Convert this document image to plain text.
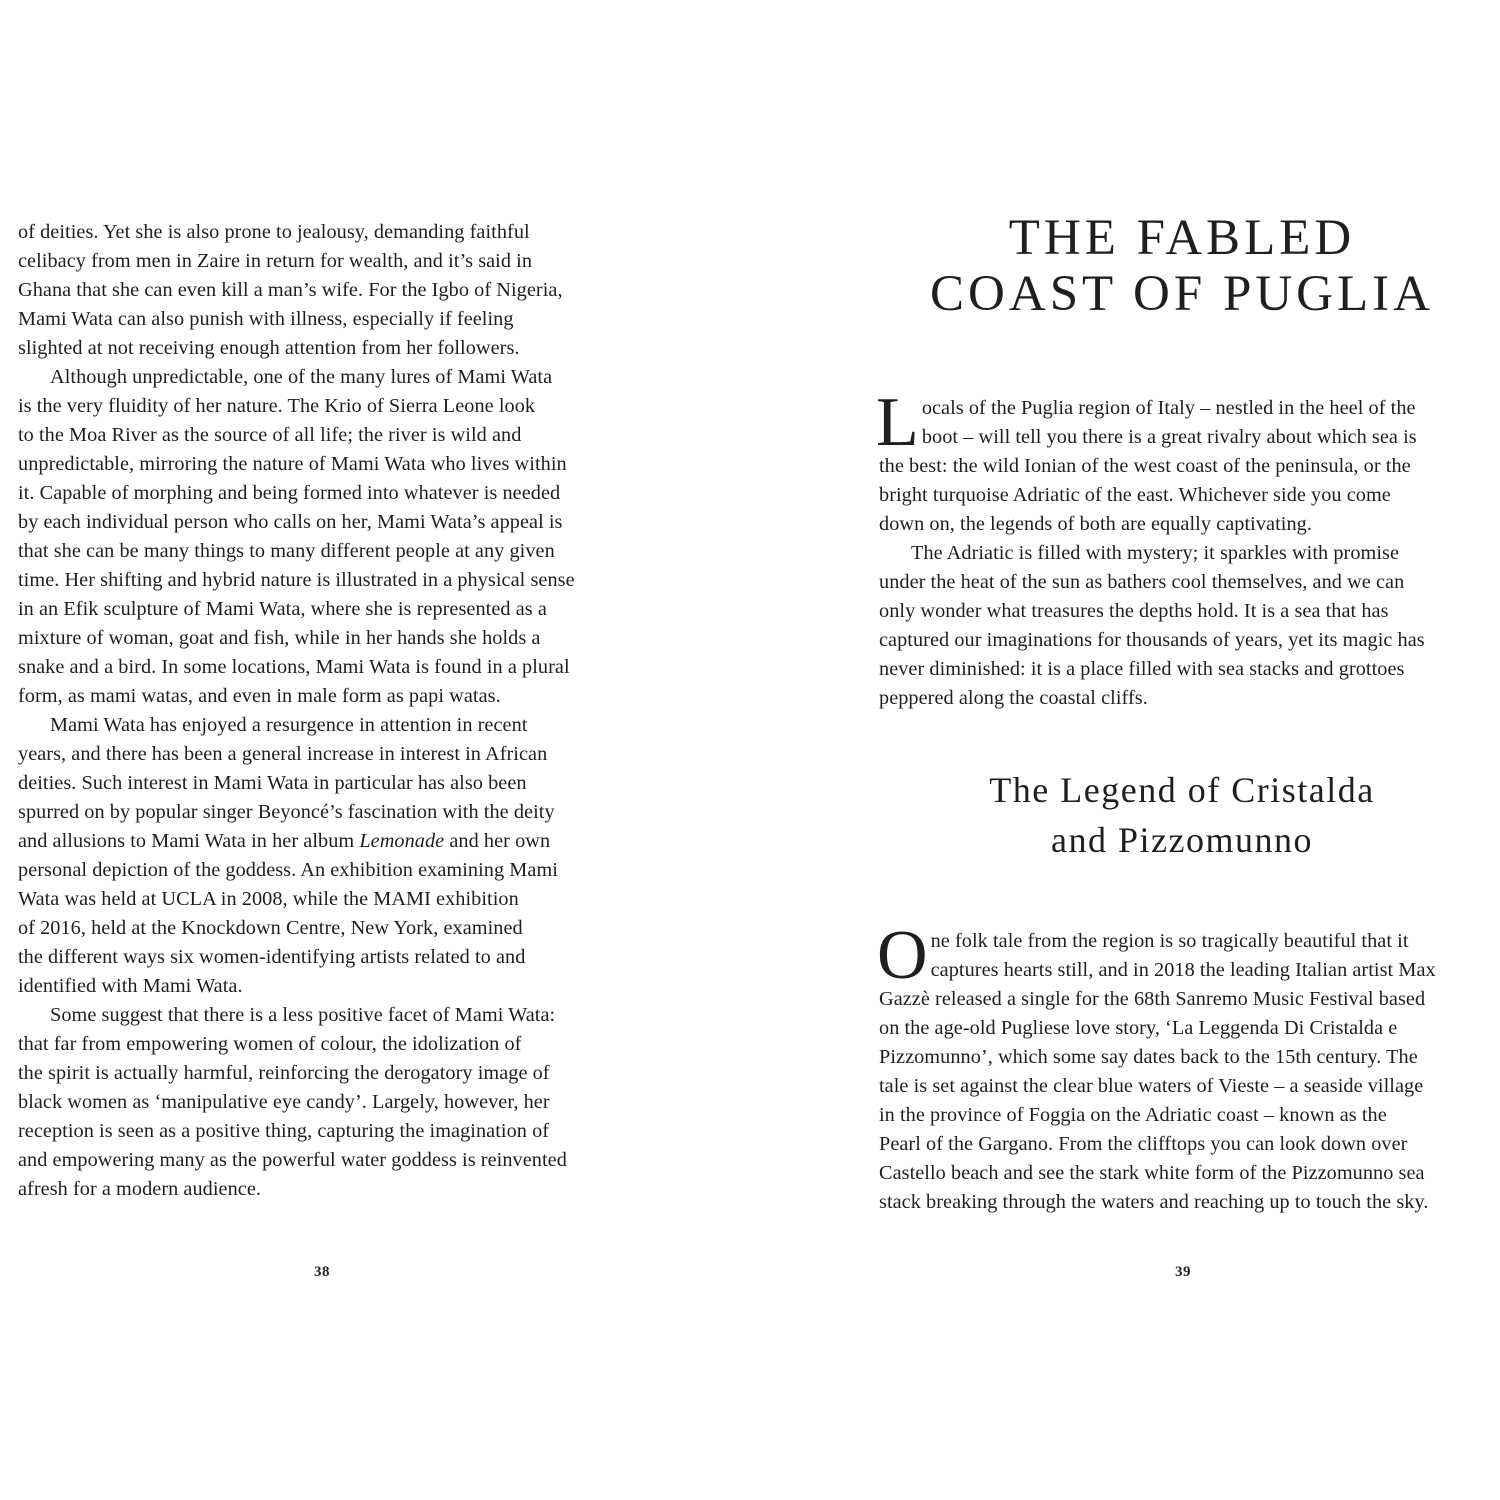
of deities. Yet she is also prone to jealousy, demanding faithful
celibacy from men in Zaire in return for wealth, and it’s said in
Ghana that she can even kill a man’s wife. For the Igbo of Nigeria,
Mami Wata can also punish with illness, especially if feeling
slighted at not receiving enough attention from her followers.

Although unpredictable, one of the many lures of Mami Wata
is the very fluidity of her nature. The Krio of Sierra Leone look
to the Moa River as the source of all life; the river is wild and
unpredictable, mirroring the nature of Mami Wata who lives within
it. Capable of morphing and being formed into whatever is needed
by each individual person who calls on her, Mami Wata’s appeal is
that she can be many things to many different people at any given
time. Her shifting and hybrid nature is illustrated in a physical sense
in an Efik sculpture of Mami Wata, where she is represented as a
mixture of woman, goat and fish, while in her hands she holds a
snake and a bird. In some locations, Mami Wata is found in a plural
form, as mami watas, and even in male form as papi watas.

Mami Wata has enjoyed a resurgence in attention in recent
years, and there has been a general increase in interest in African
deities. Such interest in Mami Wata in particular has also been
spurred on by popular singer Beyoncé’s fascination with the deity
and allusions to Mami Wata in her album Lemonade and her own
personal depiction of the goddess. An exhibition examining Mami
Wata was held at UCLA in 2008, while the MAMI exhibition
of 2016, held at the Knockdown Centre, New York, examined
the different ways six women-identifying artists related to and
identified with Mami Wata.

Some suggest that there is a less positive facet of Mami Wata:
that far from empowering women of colour, the idolization of
the spirit is actually harmful, reinforcing the derogatory image of
black women as ‘manipulative eye candy’. Largely, however, her
reception is seen as a positive thing, capturing the imagination of
and empowering many as the powerful water goddess is reinvented
afresh for a modern audience.

38
THE FABLED
COAST OF PUGLIA

L ocals of the Puglia region of Italy – nestled in the heel of the
boot – will tell you there is a great rivalry about which sea is
the best: the wild Ionian of the west coast of the peninsula, or the
bright turquoise Adriatic of the east. Whichever side you come
down on, the legends of both are equally captivating.

The Adriatic is filled with mystery; it sparkles with promise
under the heat of the sun as bathers cool themselves, and we can
only wonder what treasures the depths hold. It is a sea that has
captured our imaginations for thousands of years, yet its magic has
never diminished: it is a place filled with sea stacks and grottoes
peppered along the coastal cliffs.

The Legend of Cristalda
and Pizzomunno

O ne folk tale from the region is so tragically beautiful that it
captures hearts still, and in 2018 the leading Italian artist Max
Gazzè released a single for the 68th Sanremo Music Festival based
on the age-old Pugliese love story, ‘La Leggenda Di Cristalda e
Pizzomunno’, which some say dates back to the 15th century. The
tale is set against the clear blue waters of Vieste – a seaside village
in the province of Foggia on the Adriatic coast – known as the
Pearl of the Gargano. From the clifftops you can look down over
Castello beach and see the stark white form of the Pizzomunno sea
stack breaking through the waters and reaching up to touch the sky.

39
